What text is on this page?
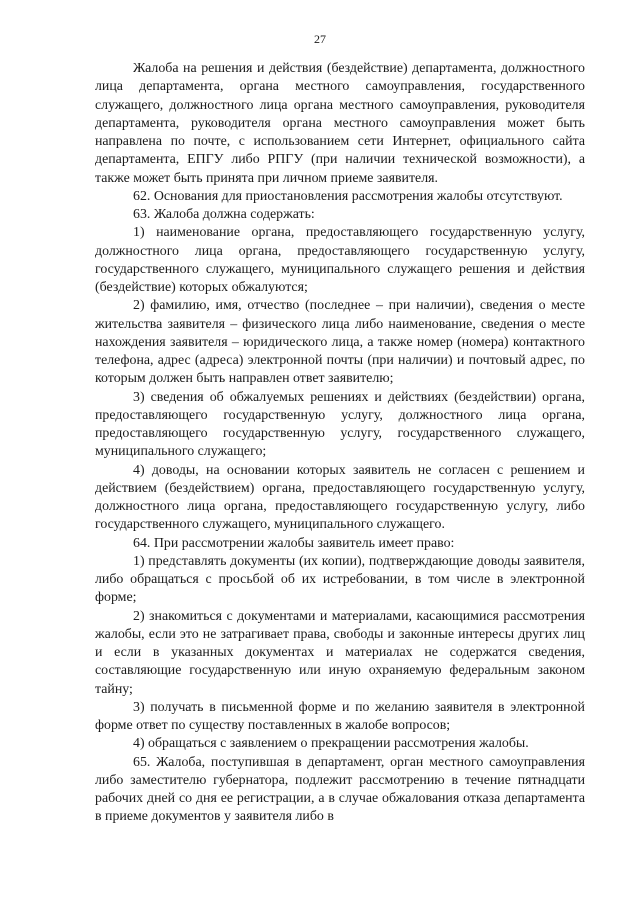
27

Жалоба на решения и действия (бездействие) департамента, должностного лица департамента, органа местного самоуправления, государственного служащего, должностного лица органа местного самоуправления, руководителя департамента, руководителя органа местного самоуправления может быть направлена по почте, с использованием сети Интернет, официального сайта департамента, ЕПГУ либо РПГУ (при наличии технической возможности), а также может быть принята при личном приеме заявителя.

62. Основания для приостановления рассмотрения жалобы отсутствуют.

63. Жалоба должна содержать:

1) наименование органа, предоставляющего государственную услугу, должностного лица органа, предоставляющего государственную услугу, государственного служащего, муниципального служащего решения и действия (бездействие) которых обжалуются;

2) фамилию, имя, отчество (последнее – при наличии), сведения о месте жительства заявителя – физического лица либо наименование, сведения о месте нахождения заявителя – юридического лица, а также номер (номера) контактного телефона, адрес (адреса) электронной почты (при наличии) и почтовый адрес, по которым должен быть направлен ответ заявителю;

3) сведения об обжалуемых решениях и действиях (бездействии) органа, предоставляющего государственную услугу, должностного лица органа, предоставляющего государственную услугу, государственного служащего, муниципального служащего;

4) доводы, на основании которых заявитель не согласен с решением и действием (бездействием) органа, предоставляющего государственную услугу, должностного лица органа, предоставляющего государственную услугу, либо государственного служащего, муниципального служащего.

64. При рассмотрении жалобы заявитель имеет право:

1) представлять документы (их копии), подтверждающие доводы заявителя, либо обращаться с просьбой об их истребовании, в том числе в электронной форме;

2) знакомиться с документами и материалами, касающимися рассмотрения жалобы, если это не затрагивает права, свободы и законные интересы других лиц и если в указанных документах и материалах не содержатся сведения, составляющие государственную или иную охраняемую федеральным законом тайну;

3) получать в письменной форме и по желанию заявителя в электронной форме ответ по существу поставленных в жалобе вопросов;

4) обращаться с заявлением о прекращении рассмотрения жалобы.

65. Жалоба, поступившая в департамент, орган местного самоуправления либо заместителю губернатора, подлежит рассмотрению в течение пятнадцати рабочих дней со дня ее регистрации, а в случае обжалования отказа департамента в приеме документов у заявителя либо в
